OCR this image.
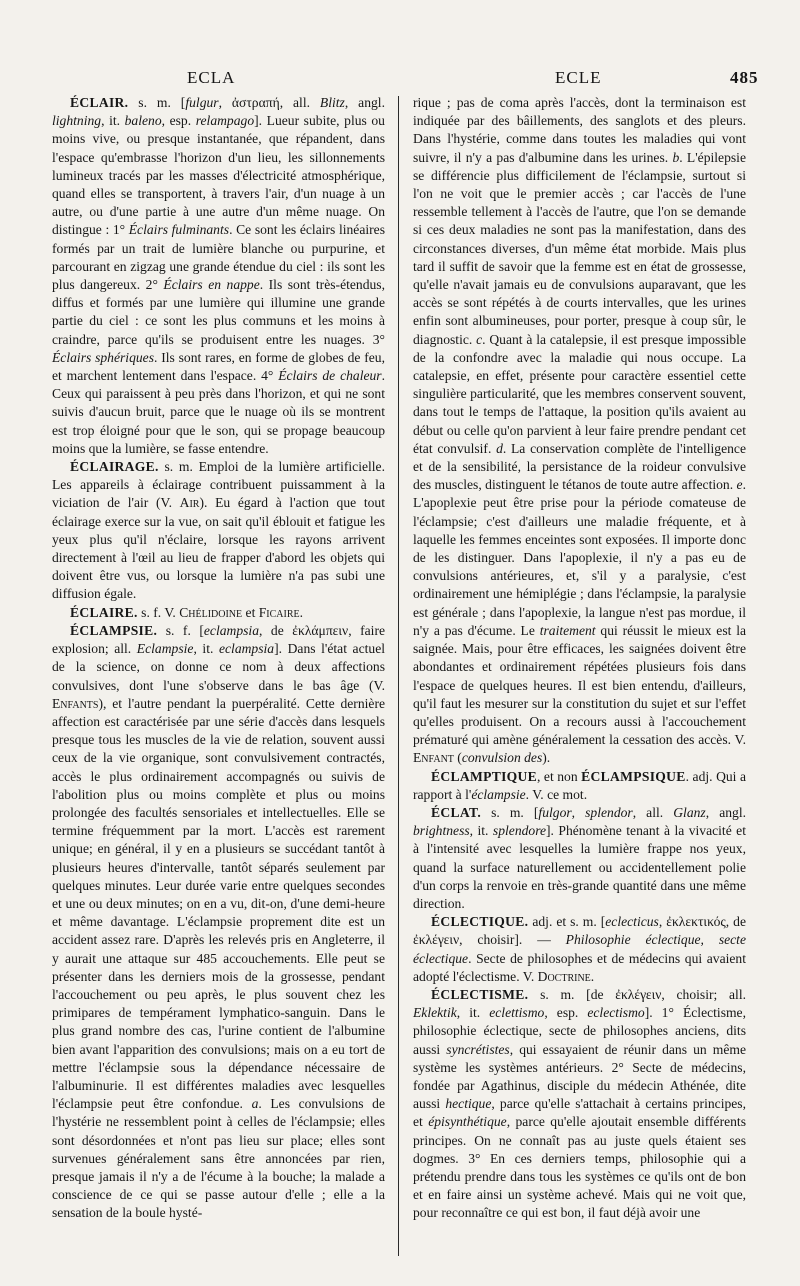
ECLA	ECLE	485

ÉCLAIR. s. m. [fulgur, ἀστραπή, all. Blitz, angl. lightning, it. baleno, esp. relampago]. Lueur subite, plus ou moins vive, ou presque instantanée, que répandent, dans l'espace qu'embrasse l'horizon d'un lieu, les sillonnements lumineux tracés par les masses d'électricité atmosphérique, quand elles se transportent, à travers l'air, d'un nuage à un autre, ou d'une partie à une autre d'un même nuage. On distingue : 1° Éclairs fulminants. Ce sont les éclairs linéaires formés par un trait de lumière blanche ou purpurine, et parcourant en zigzag une grande étendue du ciel : ils sont les plus dangereux. 2° Éclairs en nappe. Ils sont très-étendus, diffus et formés par une lumière qui illumine une grande partie du ciel : ce sont les plus communs et les moins à craindre, parce qu'ils se produisent entre les nuages. 3° Éclairs sphériques. Ils sont rares, en forme de globes de feu, et marchent lentement dans l'espace. 4° Éclairs de chaleur. Ceux qui paraissent à peu près dans l'horizon, et qui ne sont suivis d'aucun bruit, parce que le nuage où ils se montrent est trop éloigné pour que le son, qui se propage beaucoup moins que la lumière, se fasse entendre.

ÉCLAIRAGE. s. m. Emploi de la lumière artificielle. Les appareils à éclairage contribuent puissamment à la viciation de l'air (V. Air). Eu égard à l'action que tout éclairage exerce sur la vue, on sait qu'il éblouit et fatigue les yeux plus qu'il n'éclaire, lorsque les rayons arrivent directement à l'œil au lieu de frapper d'abord les objets qui doivent être vus, ou lorsque la lumière n'a pas subi une diffusion égale.

ÉCLAIRE. s. f. V. Chélidoine et Ficaire.

ÉCLAMPSIE. s. f. [eclampsia, de ἐκλάμπειν, faire explosion; all. Eclampsie, it. eclampsia]. Dans l'état actuel de la science, on donne ce nom à deux affections convulsives, dont l'une s'observe dans le bas âge (V. Enfants), et l'autre pendant la puerpéralité. Cette dernière affection est caractérisée par une série d'accès dans lesquels presque tous les muscles de la vie de relation, souvent aussi ceux de la vie organique, sont convulsivement contractés, accès le plus ordinairement accompagnés ou suivis de l'abolition plus ou moins complète et plus ou moins prolongée des facultés sensoriales et intellectuelles. Elle se termine fréquemment par la mort. L'accès est rarement unique; en général, il y en a plusieurs se succédant tantôt à plusieurs heures d'intervalle, tantôt séparés seulement par quelques minutes. Leur durée varie entre quelques secondes et une ou deux minutes; on en a vu, dit-on, d'une demi-heure et même davantage. L'éclampsie proprement dite est un accident assez rare. D'après les relevés pris en Angleterre, il y aurait une attaque sur 485 accouchements. Elle peut se présenter dans les derniers mois de la grossesse, pendant l'accouchement ou peu après, le plus souvent chez les primipares de tempérament lymphatico-sanguin. Dans le plus grand nombre des cas, l'urine contient de l'albumine bien avant l'apparition des convulsions; mais on a eu tort de mettre l'éclampsie sous la dépendance nécessaire de l'albuminurie. Il est différentes maladies avec lesquelles l'éclampsie peut être confondue. a. Les convulsions de l'hystérie ne ressemblent point à celles de l'éclampsie; elles sont désordonnées et n'ont pas lieu sur place; elles sont survenues généralement sans être annoncées par rien, presque jamais il n'y a de l'écume à la bouche; la malade a conscience de ce qui se passe autour d'elle ; elle a la sensation de la boule hysté-

rique ; pas de coma après l'accès, dont la terminaison est indiquée par des bâillements, des sanglots et des pleurs. Dans l'hystérie, comme dans toutes les maladies qui vont suivre, il n'y a pas d'albumine dans les urines. b. L'épilepsie se différencie plus difficilement de l'éclampsie, surtout si l'on ne voit que le premier accès ; car l'accès de l'une ressemble tellement à l'accès de l'autre, que l'on se demande si ces deux maladies ne sont pas la manifestation, dans des circonstances diverses, d'un même état morbide. Mais plus tard il suffit de savoir que la femme est en état de grossesse, qu'elle n'avait jamais eu de convulsions auparavant, que les accès se sont répétés à de courts intervalles, que les urines enfin sont albumineuses, pour porter, presque à coup sûr, le diagnostic. c. Quant à la catalepsie, il est presque impossible de la confondre avec la maladie qui nous occupe. La catalepsie, en effet, présente pour caractère essentiel cette singulière particularité, que les membres conservent souvent, dans tout le temps de l'attaque, la position qu'ils avaient au début ou celle qu'on parvient à leur faire prendre pendant cet état convulsif. d. La conservation complète de l'intelligence et de la sensibilité, la persistance de la roideur convulsive des muscles, distinguent le tétanos de toute autre affection. e. L'apoplexie peut être prise pour la période comateuse de l'éclampsie; c'est d'ailleurs une maladie fréquente, et à laquelle les femmes enceintes sont exposées. Il importe donc de les distinguer. Dans l'apoplexie, il n'y a pas eu de convulsions antérieures, et, s'il y a paralysie, c'est ordinairement une hémiplégie ; dans l'éclampsie, la paralysie est générale ; dans l'apoplexie, la langue n'est pas mordue, il n'y a pas d'écume. Le traitement qui réussit le mieux est la saignée. Mais, pour être efficaces, les saignées doivent être abondantes et ordinairement répétées plusieurs fois dans l'espace de quelques heures. Il est bien entendu, d'ailleurs, qu'il faut les mesurer sur la constitution du sujet et sur l'effet qu'elles produisent. On a recours aussi à l'accouchement prématuré qui amène généralement la cessation des accès. V. Enfant (convulsion des).

ÉCLAMPTIQUE, et non ÉCLAMPSIQUE. adj. Qui a rapport à l'éclampsie. V. ce mot.

ÉCLAT. s. m. [fulgor, splendor, all. Glanz, angl. brightness, it. splendore]. Phénomène tenant à la vivacité et à l'intensité avec lesquelles la lumière frappe nos yeux, quand la surface naturellement ou accidentellement polie d'un corps la renvoie en très-grande quantité dans une même direction.

ÉCLECTIQUE. adj. et s. m. [eclecticus, ἐκλεκτικός, de ἐκλέγειν, choisir]. — Philosophie éclectique, secte éclectique. Secte de philosophes et de médecins qui avaient adopté l'éclectisme. V. Doctrine.

ÉCLECTISME. s. m. [de ἐκλέγειν, choisir; all. Eklektik, it. eclettismo, esp. eclectismo]. 1° Éclectisme, philosophie éclectique, secte de philosophes anciens, dits aussi syncrétistes, qui essayaient de réunir dans un même système les systèmes antérieurs. 2° Secte de médecins, fondée par Agathinus, disciple du médecin Athénée, dite aussi hectique, parce qu'elle s'attachait à certains principes, et épisynthétique, parce qu'elle ajoutait ensemble différents principes. On ne connaît pas au juste quels étaient ses dogmes. 3° En ces derniers temps, philosophie qui a prétendu prendre dans tous les systèmes ce qu'ils ont de bon et en faire ainsi un système achevé. Mais qui ne voit que, pour reconnaître ce qui est bon, il faut déjà avoir une
